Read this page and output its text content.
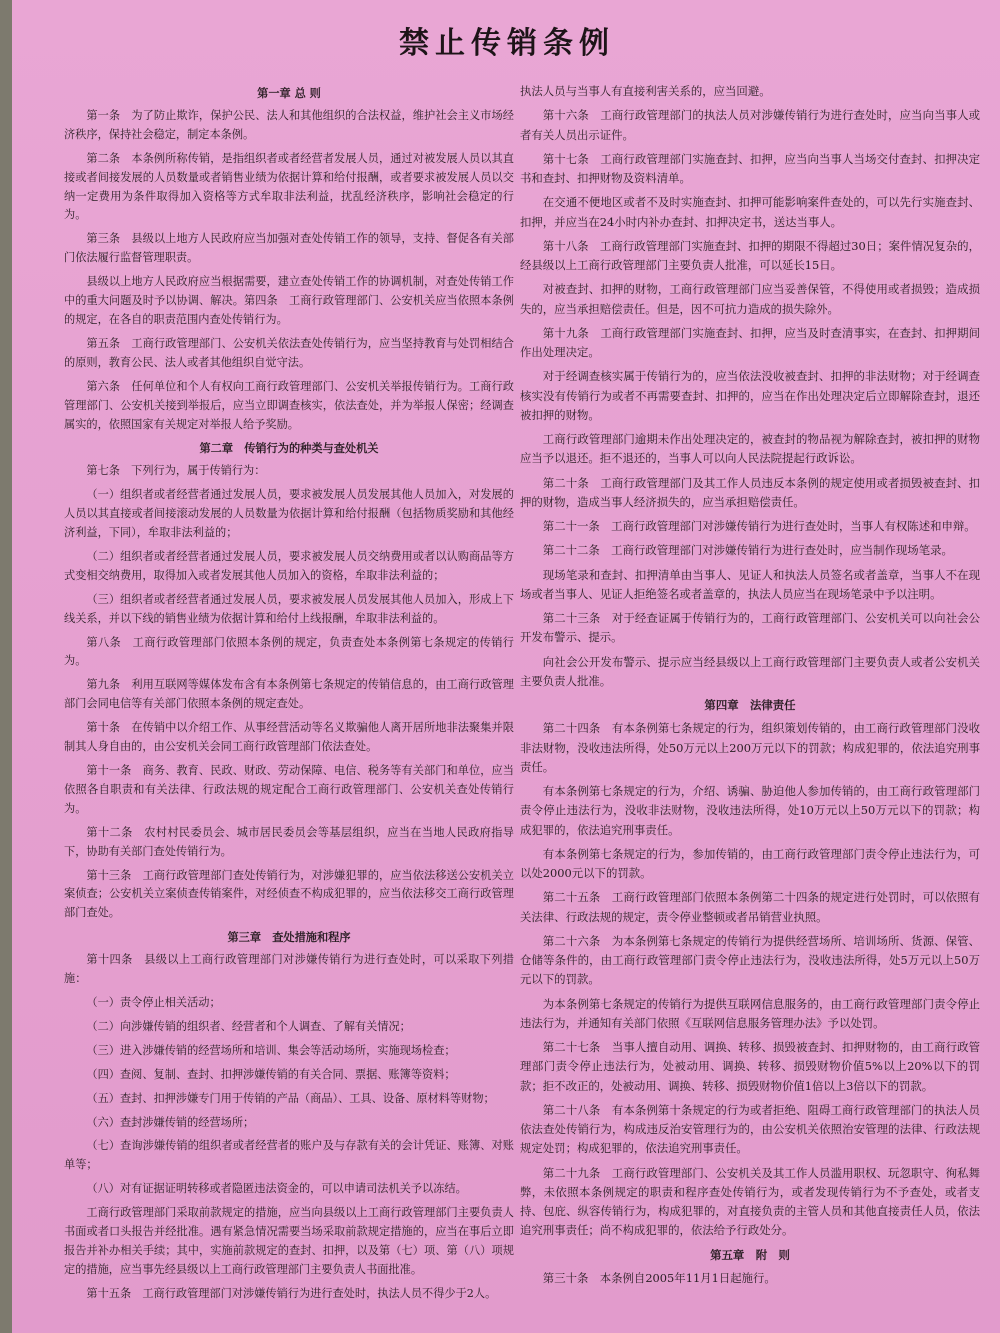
禁止传销条例

第一章 总 则

第一条　为了防止欺诈，保护公民、法人和其他组织的合法权益，维护社会主义市场经济秩序，保持社会稳定，制定本条例。

第二条　本条例所称传销，是指组织者或者经营者发展人员，通过对被发展人员以其直接或者间接发展的人员数量或者销售业绩为依据计算和给付报酬，或者要求被发展人员以交纳一定费用为条件取得加入资格等方式牟取非法利益，扰乱经济秩序，影响社会稳定的行为。

第三条　县级以上地方人民政府应当加强对查处传销工作的领导，支持、督促各有关部门依法履行监督管理职责。

县级以上地方人民政府应当根据需要，建立查处传销工作的协调机制，对查处传销工作中的重大问题及时予以协调、解决。第四条　工商行政管理部门、公安机关应当依照本条例的规定，在各自的职责范围内查处传销行为。

第五条　工商行政管理部门、公安机关依法查处传销行为，应当坚持教育与处罚相结合的原则，教育公民、法人或者其他组织自觉守法。

第六条　任何单位和个人有权向工商行政管理部门、公安机关举报传销行为。工商行政管理部门、公安机关接到举报后，应当立即调查核实，依法查处，并为举报人保密；经调查属实的，依照国家有关规定对举报人给予奖励。

第二章　传销行为的种类与查处机关

第七条　下列行为，属于传销行为：

（一）组织者或者经营者通过发展人员，要求被发展人员发展其他人员加入，对发展的人员以其直接或者间接滚动发展的人员数量为依据计算和给付报酬（包括物质奖励和其他经济利益，下同），牟取非法利益的；

（二）组织者或者经营者通过发展人员，要求被发展人员交纳费用或者以认购商品等方式变相交纳费用，取得加入或者发展其他人员加入的资格，牟取非法利益的；

（三）组织者或者经营者通过发展人员，要求被发展人员发展其他人员加入，形成上下线关系，并以下线的销售业绩为依据计算和给付上线报酬，牟取非法利益的。

第八条　工商行政管理部门依照本条例的规定，负责查处本条例第七条规定的传销行为。

第九条　利用互联网等媒体发布含有本条例第七条规定的传销信息的，由工商行政管理部门会同电信等有关部门依照本条例的规定查处。

第十条　在传销中以介绍工作、从事经营活动等名义欺骗他人离开居所地非法聚集并限制其人身自由的，由公安机关会同工商行政管理部门依法查处。

第十一条　商务、教育、民政、财政、劳动保障、电信、税务等有关部门和单位，应当依照各自职责和有关法律、行政法规的规定配合工商行政管理部门、公安机关查处传销行为。

第十二条　农村村民委员会、城市居民委员会等基层组织，应当在当地人民政府指导下，协助有关部门查处传销行为。

第十三条　工商行政管理部门查处传销行为，对涉嫌犯罪的，应当依法移送公安机关立案侦查；公安机关立案侦查传销案件，对经侦查不构成犯罪的，应当依法移交工商行政管理部门查处。

第三章　查处措施和程序

第十四条　县级以上工商行政管理部门对涉嫌传销行为进行查处时，可以采取下列措施：

（一）责令停止相关活动；

（二）向涉嫌传销的组织者、经营者和个人调查、了解有关情况；

（三）进入涉嫌传销的经营场所和培训、集会等活动场所，实施现场检查；

（四）查阅、复制、查封、扣押涉嫌传销的有关合同、票据、账簿等资料；

（五）查封、扣押涉嫌专门用于传销的产品（商品）、工具、设备、原材料等财物；

（六）查封涉嫌传销的经营场所；

（七）查询涉嫌传销的组织者或者经营者的账户及与存款有关的会计凭证、账簿、对账单等；

（八）对有证据证明转移或者隐匿违法资金的，可以申请司法机关予以冻结。

工商行政管理部门采取前款规定的措施，应当向县级以上工商行政管理部门主要负责人书面或者口头报告并经批准。遇有紧急情况需要当场采取前款规定措施的，应当在事后立即报告并补办相关手续；其中，实施前款规定的查封、扣押，以及第（七）项、第（八）项规定的措施，应当事先经县级以上工商行政管理部门主要负责人书面批准。

第十五条　工商行政管理部门对涉嫌传销行为进行查处时，执法人员不得少于2人。

执法人员与当事人有直接利害关系的，应当回避。

第十六条　工商行政管理部门的执法人员对涉嫌传销行为进行查处时，应当向当事人或者有关人员出示证件。

第十七条　工商行政管理部门实施查封、扣押，应当向当事人当场交付查封、扣押决定书和查封、扣押财物及资料清单。

在交通不便地区或者不及时实施查封、扣押可能影响案件查处的，可以先行实施查封、扣押，并应当在24小时内补办查封、扣押决定书，送达当事人。

第十八条　工商行政管理部门实施查封、扣押的期限不得超过30日；案件情况复杂的，经县级以上工商行政管理部门主要负责人批准，可以延长15日。

对被查封、扣押的财物，工商行政管理部门应当妥善保管，不得使用或者损毁；造成损失的，应当承担赔偿责任。但是，因不可抗力造成的损失除外。

第十九条　工商行政管理部门实施查封、扣押，应当及时查清事实，在查封、扣押期间作出处理决定。

对于经调查核实属于传销行为的，应当依法没收被查封、扣押的非法财物；对于经调查核实没有传销行为或者不再需要查封、扣押的，应当在作出处理决定后立即解除查封，退还被扣押的财物。

工商行政管理部门逾期未作出处理决定的，被查封的物品视为解除查封，被扣押的财物应当予以退还。拒不退还的，当事人可以向人民法院提起行政诉讼。

第二十条　工商行政管理部门及其工作人员违反本条例的规定使用或者损毁被查封、扣押的财物，造成当事人经济损失的，应当承担赔偿责任。

第二十一条　工商行政管理部门对涉嫌传销行为进行查处时，当事人有权陈述和申辩。

第二十二条　工商行政管理部门对涉嫌传销行为进行查处时，应当制作现场笔录。

现场笔录和查封、扣押清单由当事人、见证人和执法人员签名或者盖章，当事人不在现场或者当事人、见证人拒绝签名或者盖章的，执法人员应当在现场笔录中予以注明。

第二十三条　对于经查证属于传销行为的，工商行政管理部门、公安机关可以向社会公开发布警示、提示。

向社会公开发布警示、提示应当经县级以上工商行政管理部门主要负责人或者公安机关主要负责人批准。

第四章　法律责任

第二十四条　有本条例第七条规定的行为，组织策划传销的，由工商行政管理部门没收非法财物，没收违法所得，处50万元以上200万元以下的罚款；构成犯罪的，依法追究刑事责任。

有本条例第七条规定的行为，介绍、诱骗、胁迫他人参加传销的，由工商行政管理部门责令停止违法行为，没收非法财物，没收违法所得，处10万元以上50万元以下的罚款；构成犯罪的，依法追究刑事责任。

有本条例第七条规定的行为，参加传销的，由工商行政管理部门责令停止违法行为，可以处2000元以下的罚款。

第二十五条　工商行政管理部门依照本条例第二十四条的规定进行处罚时，可以依照有关法律、行政法规的规定，责令停业整顿或者吊销营业执照。

第二十六条　为本条例第七条规定的传销行为提供经营场所、培训场所、货源、保管、仓储等条件的，由工商行政管理部门责令停止违法行为，没收违法所得，处5万元以上50万元以下的罚款。

为本条例第七条规定的传销行为提供互联网信息服务的，由工商行政管理部门责令停止违法行为，并通知有关部门依照《互联网信息服务管理办法》予以处罚。

第二十七条　当事人擅自动用、调换、转移、损毁被查封、扣押财物的，由工商行政管理部门责令停止违法行为，处被动用、调换、转移、损毁财物价值5%以上20%以下的罚款；拒不改正的，处被动用、调换、转移、损毁财物价值1倍以上3倍以下的罚款。

第二十八条　有本条例第十条规定的行为或者拒绝、阻碍工商行政管理部门的执法人员依法查处传销行为，构成违反治安管理行为的，由公安机关依照治安管理的法律、行政法规规定处罚；构成犯罪的，依法追究刑事责任。

第二十九条　工商行政管理部门、公安机关及其工作人员滥用职权、玩忽职守、徇私舞弊，未依照本条例规定的职责和程序查处传销行为，或者发现传销行为不予查处，或者支持、包庇、纵容传销行为，构成犯罪的，对直接负责的主管人员和其他直接责任人员，依法追究刑事责任；尚不构成犯罪的，依法给予行政处分。

第五章　附　则

第三十条　本条例自2005年11月1日起施行。
